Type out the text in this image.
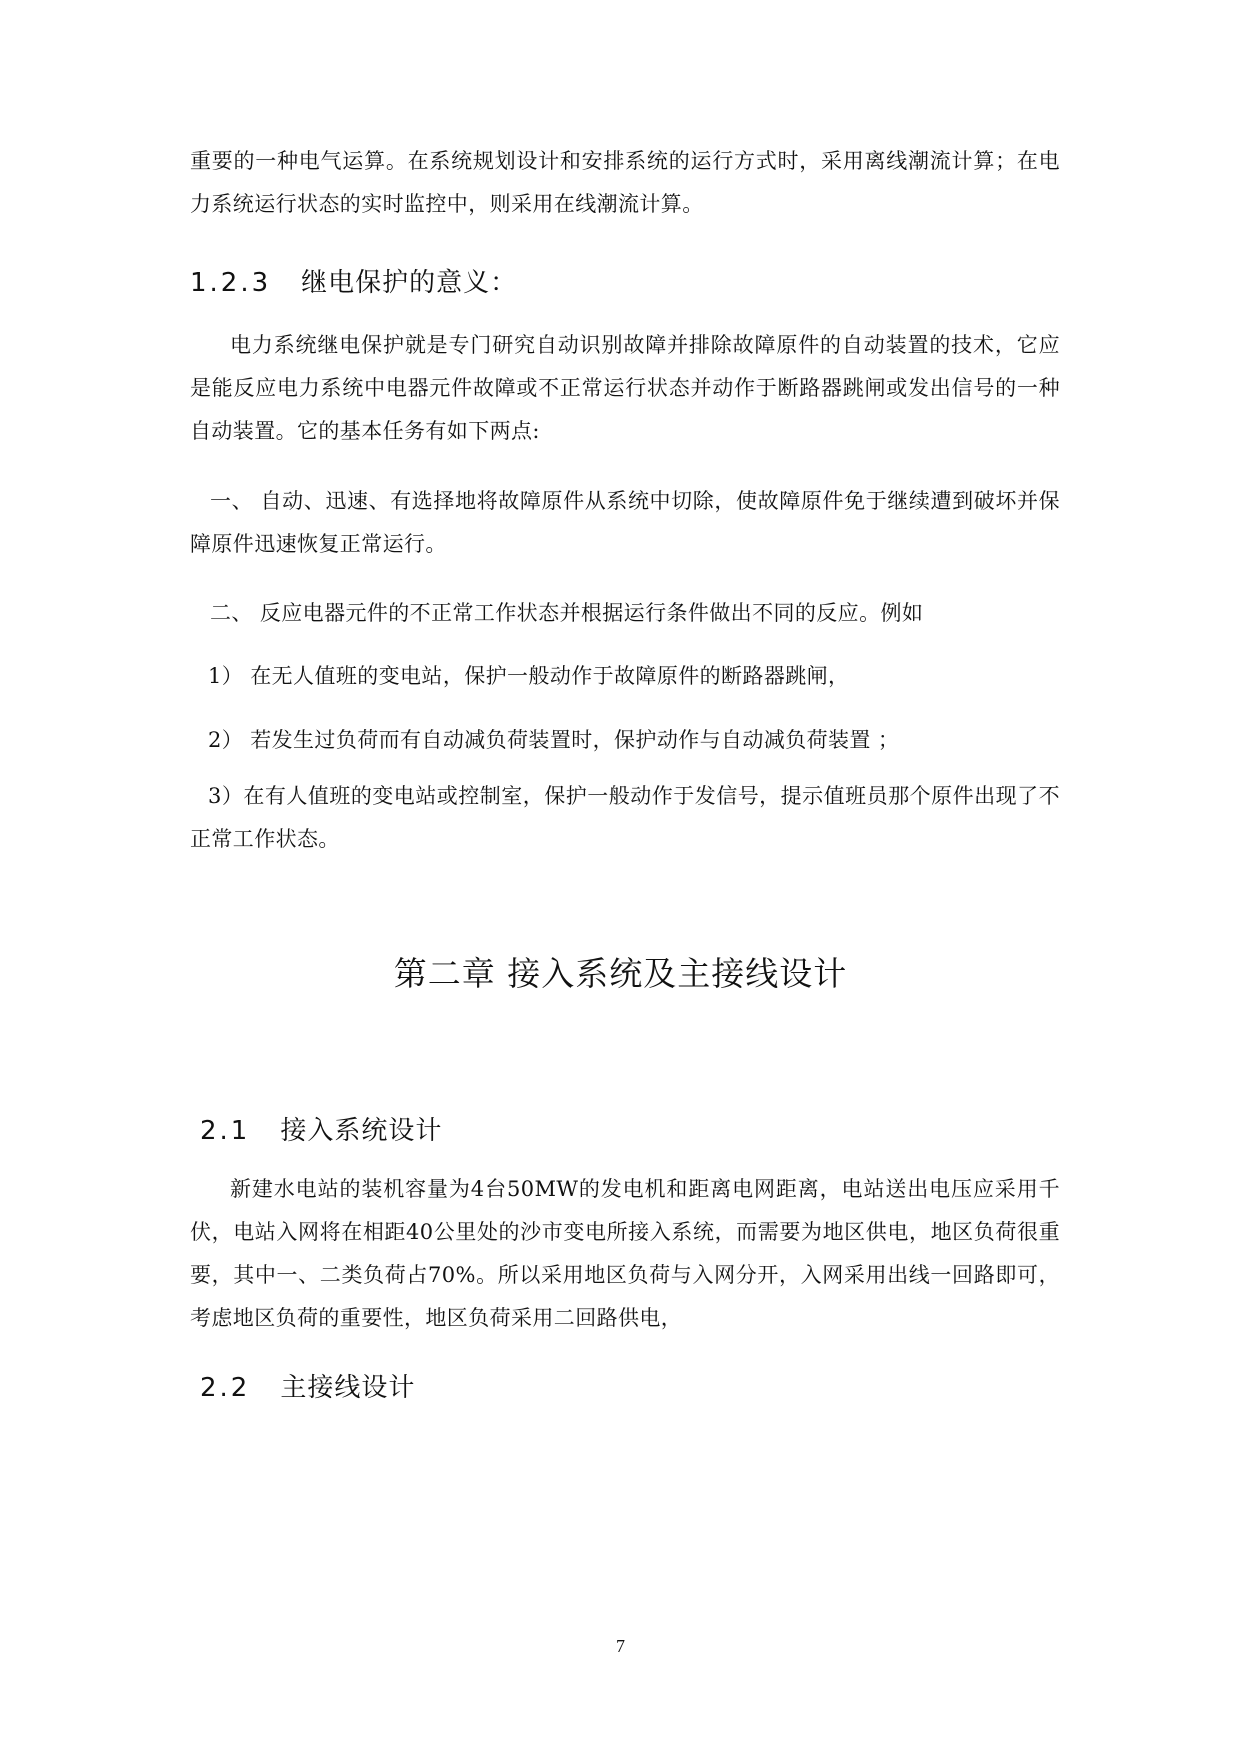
重要的一种电气运算。在系统规划设计和安排系统的运行方式时，采用离线潮流计算；在电力系统运行状态的实时监控中，则采用在线潮流计算。

1.2.3 继电保护的意义：

电力系统继电保护就是专门研究自动识别故障并排除故障原件的自动装置的技术，它应是能反应电力系统中电器元件故障或不正常运行状态并动作于断路器跳闸或发出信号的一种自动装置。它的基本任务有如下两点:

一、 自动、迅速、有选择地将故障原件从系统中切除，使故障原件免于继续遭到破坏并保障原件迅速恢复正常运行。

二、 反应电器元件的不正常工作状态并根据运行条件做出不同的反应。例如

1） 在无人值班的变电站，保护一般动作于故障原件的断路器跳闸，

2） 若发生过负荷而有自动减负荷装置时，保护动作与自动减负荷装置 ；

3）在有人值班的变电站或控制室，保护一般动作于发信号，提示值班员那个原件出现了不正常工作状态。

第二章 接入系统及主接线设计
2.1 接入系统设计

新建水电站的装机容量为4台50MW的发电机和距离电网距离，电站送出电压应采用千伏，电站入网将在相距40公里处的沙市变电所接入系统，而需要为地区供电，地区负荷很重要，其中一、二类负荷占70%。所以采用地区负荷与入网分开，入网采用出线一回路即可，考虑地区负荷的重要性，地区负荷采用二回路供电，

2.2 主接线设计
7
